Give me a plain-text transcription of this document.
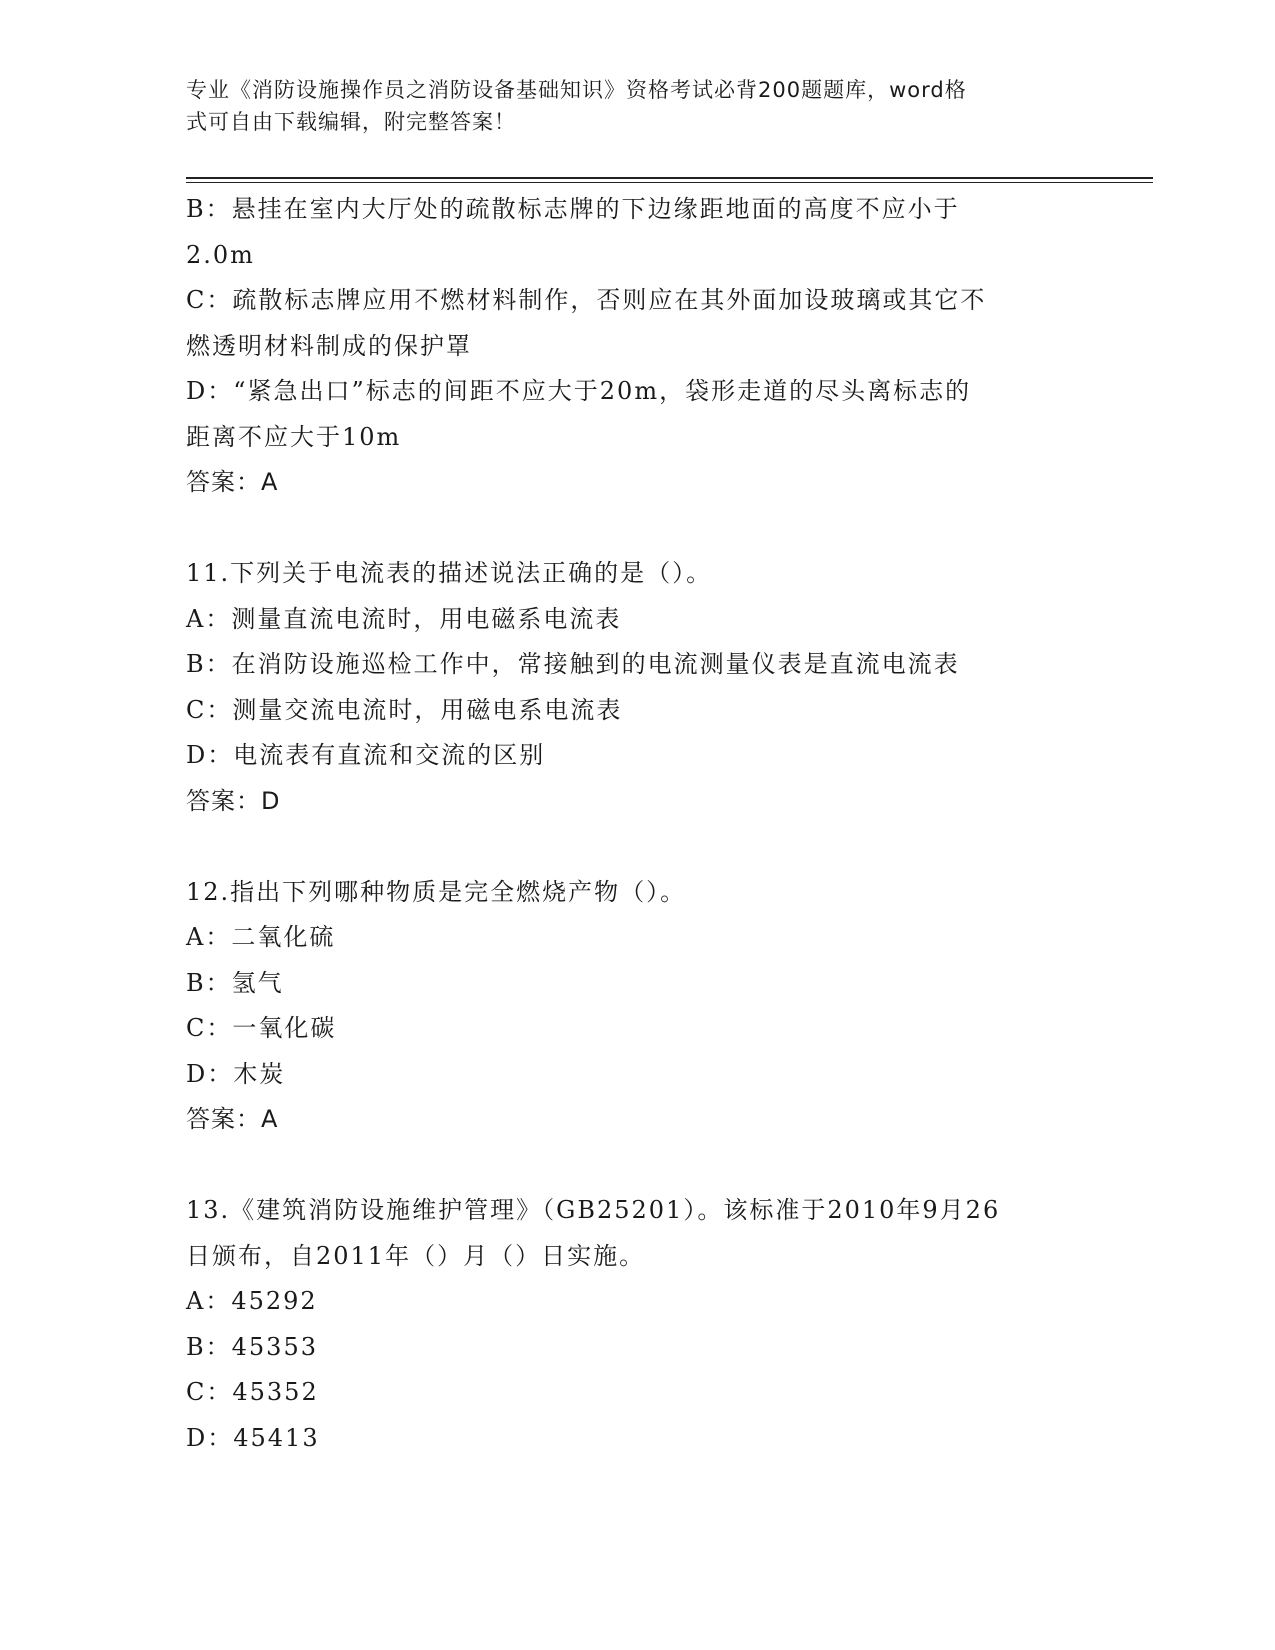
专业《消防设施操作员之消防设备基础知识》资格考试必背200题题库，word格
式可自由下载编辑，附完整答案！
B：悬挂在室内大厅处的疏散标志牌的下边缘距地面的高度不应小于
2.0m
C：疏散标志牌应用不燃材料制作，否则应在其外面加设玻璃或其它不
燃透明材料制成的保护罩
D：“紧急出口”标志的间距不应大于20m，袋形走道的尽头离标志的
距离不应大于10m
答案：A
11.下列关于电流表的描述说法正确的是（）。
A：测量直流电流时，用电磁系电流表
B：在消防设施巡检工作中，常接触到的电流测量仪表是直流电流表
C：测量交流电流时，用磁电系电流表
D：电流表有直流和交流的区别
答案：D
12.指出下列哪种物质是完全燃烧产物（）。
A：二氧化硫
B：氢气
C：一氧化碳
D：木炭
答案：A
13.《建筑消防设施维护管理》（GB25201）。该标准于2010年9月26
日颁布，自2011年（）月（）日实施。
A：45292
B：45353
C：45352
D：45413
